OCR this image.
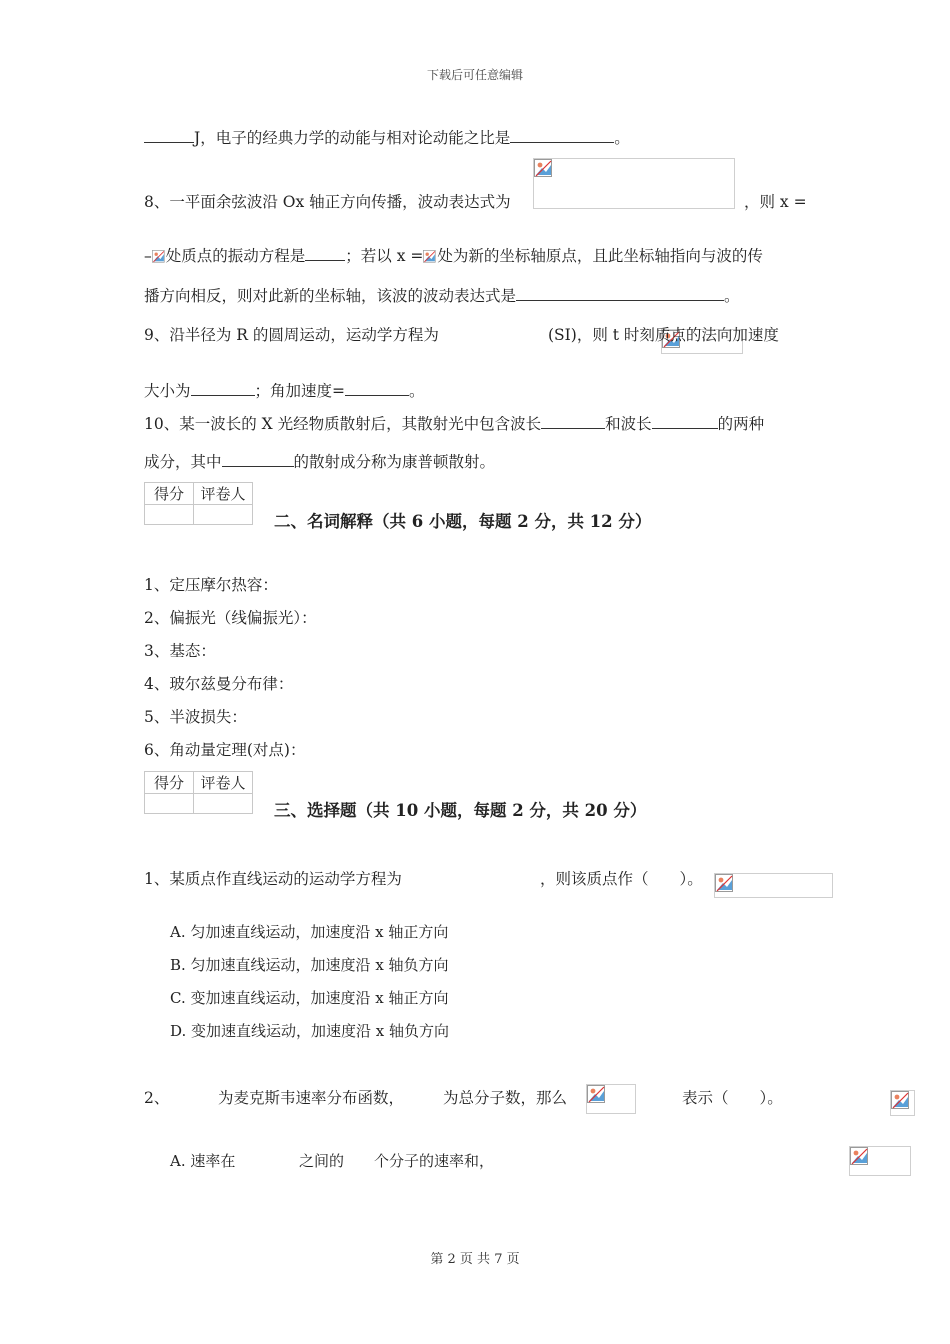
下载后可任意编辑
J，电子的经典力学的动能与相对论动能之比是	。
8、一平面余弦波沿 Ox 轴正方向传播，波动表达式为
	，则 x =
– 处质点的振动方程是	；若以 x = 处为新的坐标轴原点，且此坐标轴指向与波的传
播方向相反，则对此新的坐标轴，该波的波动表达式是	。
9、沿半径为 R 的圆周运动，运动学方程为
	(SI)，则 t 时刻质点的法向加速度
大小为	；角加速度=	。
10、某一波长的 X 光经物质散射后，其散射光中包含波长	和波长	的两种
成分，其中	的散射成分称为康普顿散射。
得分	评卷人

二、名词解释（共 6 小题，每题 2 分，共 12 分）
1、定压摩尔热容：
2、偏振光（线偏振光）：
3、基态：
4、玻尔兹曼分布律：
5、半波损失：
6、角动量定理(对点)：
得分	评卷人

三、选择题（共 10 小题，每题 2 分，共 20 分）
1、某质点作直线运动的运动学方程为
	，则该质点作（　　）。
A. 匀加速直线运动，加速度沿 x 轴正方向
B. 匀加速直线运动，加速度沿 x 轴负方向
C. 变加速直线运动，加速度沿 x 轴正方向
D. 变加速直线运动，加速度沿 x 轴负方向
2、
	为麦克斯韦速率分布函数，
	为总分子数，那么
	表示（　　）。
A. 速率在
	之间的 个分子的速率和，
第 2 页 共 7 页
